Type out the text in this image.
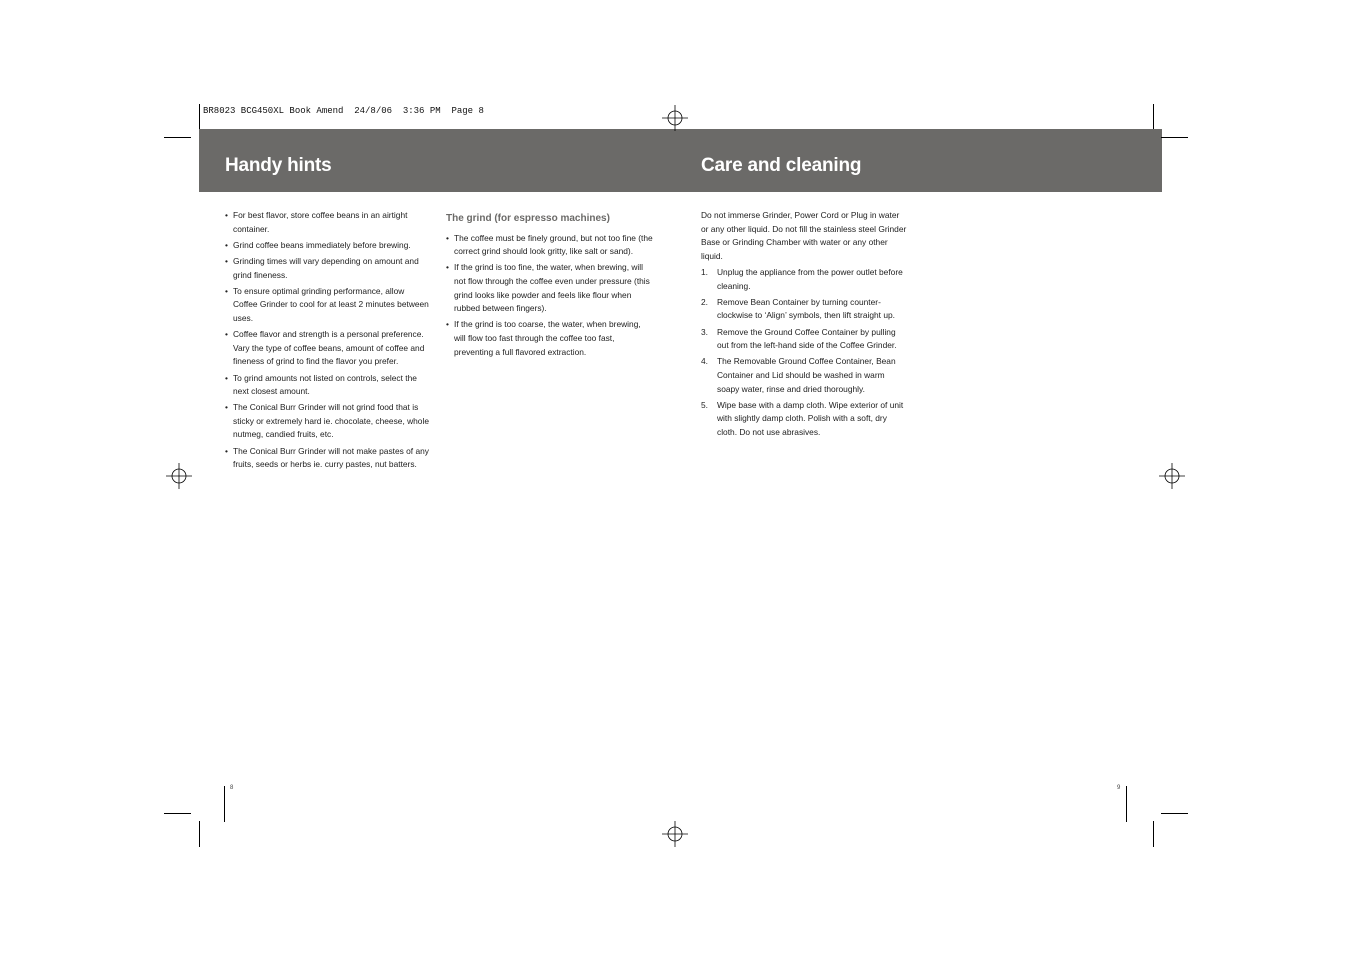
BR8023 BCG450XL Book Amend  24/8/06  3:36 PM  Page 8
Handy hints	Care and cleaning
• For best flavor, store coffee beans in an airtight container.
• Grind coffee beans immediately before brewing.
• Grinding times will vary depending on amount and grind fineness.
• To ensure optimal grinding performance, allow Coffee Grinder to cool for at least 2 minutes between uses.
• Coffee flavor and strength is a personal preference. Vary the type of coffee beans, amount of coffee and fineness of grind to find the flavor you prefer.
• To grind amounts not listed on controls, select the next closest amount.
• The Conical Burr Grinder will not grind food that is sticky or extremely hard ie. chocolate, cheese, whole nutmeg, candied fruits, etc.
• The Conical Burr Grinder will not make pastes of any fruits, seeds or herbs ie. curry pastes, nut batters.

The grind (for espresso machines)

• The coffee must be finely ground, but not too fine (the correct grind should look gritty, like salt or sand).
• If the grind is too fine, the water, when brewing, will not flow through the coffee even under pressure (this grind looks like powder and feels like flour when rubbed between fingers).
• If the grind is too coarse, the water, when brewing, will flow too fast through the coffee too fast, preventing a full flavored extraction.

Do not immerse Grinder, Power Cord or Plug in water or any other liquid. Do not fill the stainless steel Grinder Base or Grinding Chamber with water or any other liquid.

1. Unplug the appliance from the power outlet before cleaning.
2. Remove Bean Container by turning counter-clockwise to ‘Align’ symbols, then lift straight up.
3. Remove the Ground Coffee Container by pulling out from the left-hand side of the Coffee Grinder.
4. The Removable Ground Coffee Container, Bean Container and Lid should be washed in warm soapy water, rinse and dried thoroughly.
5. Wipe base with a damp cloth. Wipe exterior of unit with slightly damp cloth. Polish with a soft, dry cloth. Do not use abrasives.
8	9
